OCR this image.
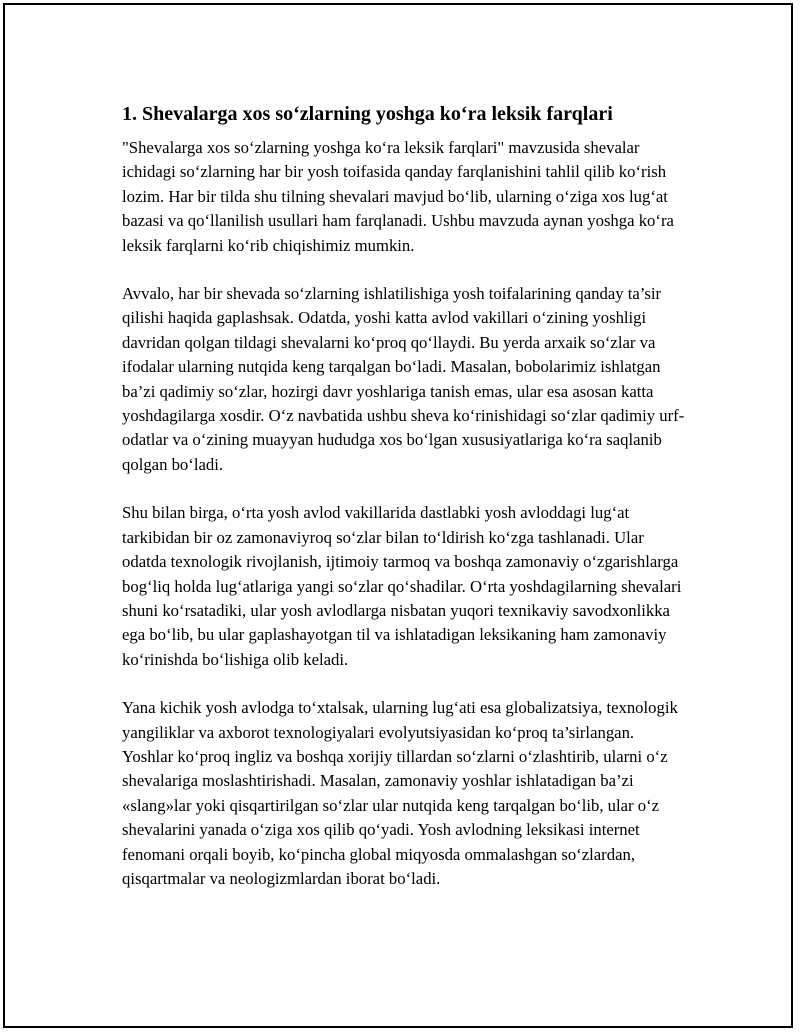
1. Shevalarga xos so‘zlarning yoshga ko‘ra leksik farqlari

"Shevalarga xos so‘zlarning yoshga ko‘ra leksik farqlari" mavzusida shevalar ichidagi so‘zlarning har bir yosh toifasida qanday farqlanishini tahlil qilib ko‘rish lozim. Har bir tilda shu tilning shevalari mavjud bo‘lib, ularning o‘ziga xos lug‘at bazasi va qo‘llanilish usullari ham farqlanadi. Ushbu mavzuda aynan yoshga ko‘ra leksik farqlarni ko‘rib chiqishimiz mumkin.

Avvalo, har bir shevada so‘zlarning ishlatilishiga yosh toifalarining qanday ta’sir qilishi haqida gaplashsak. Odatda, yoshi katta avlod vakillari o‘zining yoshligi davridan qolgan tildagi shevalarni ko‘proq qo‘llaydi. Bu yerda arxaik so‘zlar va ifodalar ularning nutqida keng tarqalgan bo‘ladi. Masalan, bobolarimiz ishlatgan ba’zi qadimiy so‘zlar, hozirgi davr yoshlariga tanish emas, ular esa asosan katta yoshdagilarga xosdir. O‘z navbatida ushbu sheva ko‘rinishidagi so‘zlar qadimiy urf-odatlar va o‘zining muayyan hududga xos bo‘lgan xususiyatlariga ko‘ra saqlanib qolgan bo‘ladi.

Shu bilan birga, o‘rta yosh avlod vakillarida dastlabki yosh avloddagi lug‘at tarkibidan bir oz zamonaviyroq so‘zlar bilan to‘ldirish ko‘zga tashlanadi. Ular odatda texnologik rivojlanish, ijtimoiy tarmoq va boshqa zamonaviy o‘zgarishlarga bog‘liq holda lug‘atlariga yangi so‘zlar qo‘shadilar. O‘rta yoshdagilarning shevalari shuni ko‘rsatadiki, ular yosh avlodlarga nisbatan yuqori texnikaviy savodxonlikka ega bo‘lib, bu ular gaplashayotgan til va ishlatadigan leksikaning ham zamonaviy ko‘rinishda bo‘lishiga olib keladi.

Yana kichik yosh avlodga to‘xtalsak, ularning lug‘ati esa globalizatsiya, texnologik yangiliklar va axborot texnologiyalari evolyutsiyasidan ko‘proq ta’sirlangan. Yoshlar ko‘proq ingliz va boshqa xorijiy tillardan so‘zlarni o‘zlashtirib, ularni o‘z shevalariga moslashtirishadi. Masalan, zamonaviy yoshlar ishlatadigan ba’zi «slang»lar yoki qisqartirilgan so‘zlar ular nutqida keng tarqalgan bo‘lib, ular o‘z shevalarini yanada o‘ziga xos qilib qo‘yadi. Yosh avlodning leksikasi internet fenomani orqali boyib, ko‘pincha global miqyosda ommalashgan so‘zlardan, qisqartmalar va neologizmlardan iborat bo‘ladi.
